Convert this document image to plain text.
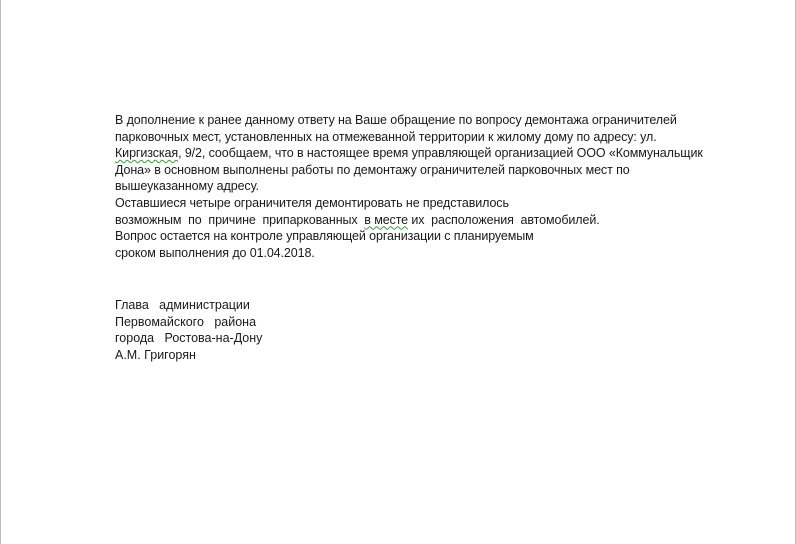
В дополнение к ранее данному ответу на Ваше обращение по вопросу демонтажа ограничителей
парковочных мест, установленных на отмежеванной территории к жилому дому по адресу: ул.
Киргизская, 9/2, сообщаем, что в настоящее время управляющей организацией ООО «Коммунальщик
Дона» в основном выполнены работы по демонтажу ограничителей парковочных мест по
вышеуказанному адресу.
Оставшиеся четыре ограничителя демонтировать не представилось
возможным  по  причине  припаркованных  в месте их  расположения  автомобилей.
Вопрос остается на контроле управляющей организации с планируемым
сроком выполнения до 01.04.2018.
Глава   администрации
Первомайского   района
города   Ростова-на-Дону
А.М. Григорян
